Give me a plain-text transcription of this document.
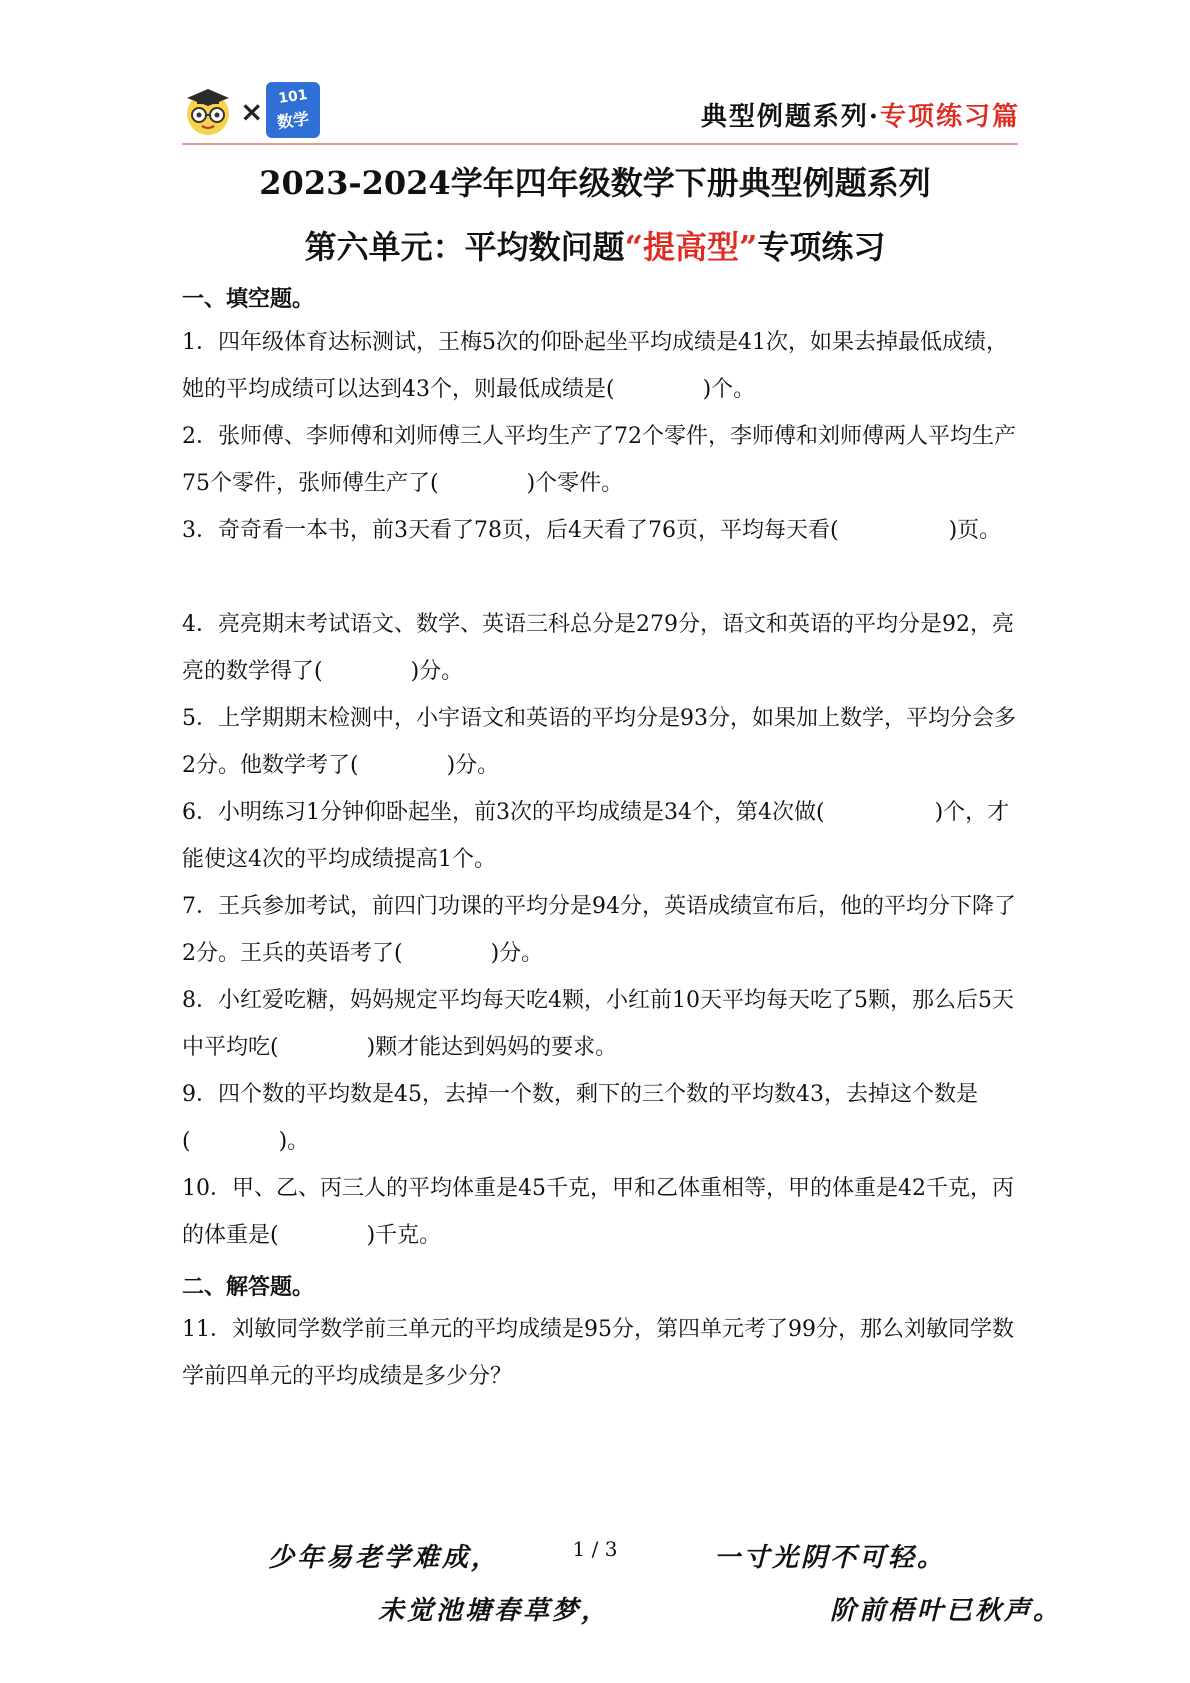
× 101
数学	典型例题系列·专项练习篇
2023-2024学年四年级数学下册典型例题系列
第六单元：平均数问题“提高型”专项练习
一、填空题。
1．四年级体育达标测试，王梅5次的仰卧起坐平均成绩是41次，如果去掉最低成绩，她的平均成绩可以达到43个，则最低成绩是(　　　　)个。
2．张师傅、李师傅和刘师傅三人平均生产了72个零件，李师傅和刘师傅两人平均生产75个零件，张师傅生产了(　　　　)个零件。
3．奇奇看一本书，前3天看了78页，后4天看了76页，平均每天看(　　　　　)页。
4．亮亮期末考试语文、数学、英语三科总分是279分，语文和英语的平均分是92，亮亮的数学得了(　　　　)分。
5．上学期期末检测中，小宇语文和英语的平均分是93分，如果加上数学，平均分会多2分。他数学考了(　　　　)分。
6．小明练习1分钟仰卧起坐，前3次的平均成绩是34个，第4次做(　　　　　)个，才能使这4次的平均成绩提高1个。
7．王兵参加考试，前四门功课的平均分是94分，英语成绩宣布后，他的平均分下降了2分。王兵的英语考了(　　　　)分。
8．小红爱吃糖，妈妈规定平均每天吃4颗，小红前10天平均每天吃了5颗，那么后5天中平均吃(　　　　)颗才能达到妈妈的要求。
9．四个数的平均数是45，去掉一个数，剩下的三个数的平均数43，去掉这个数是(　　　　)。
10．甲、乙、丙三人的平均体重是45千克，甲和乙体重相等，甲的体重是42千克，丙的体重是(　　　　)千克。
二、解答题。
11．刘敏同学数学前三单元的平均成绩是95分，第四单元考了99分，那么刘敏同学数学前四单元的平均成绩是多少分？
少年易老学难成，	1 / 3	一寸光阴不可轻。
未觉池塘春草梦，	阶前梧叶已秋声。
